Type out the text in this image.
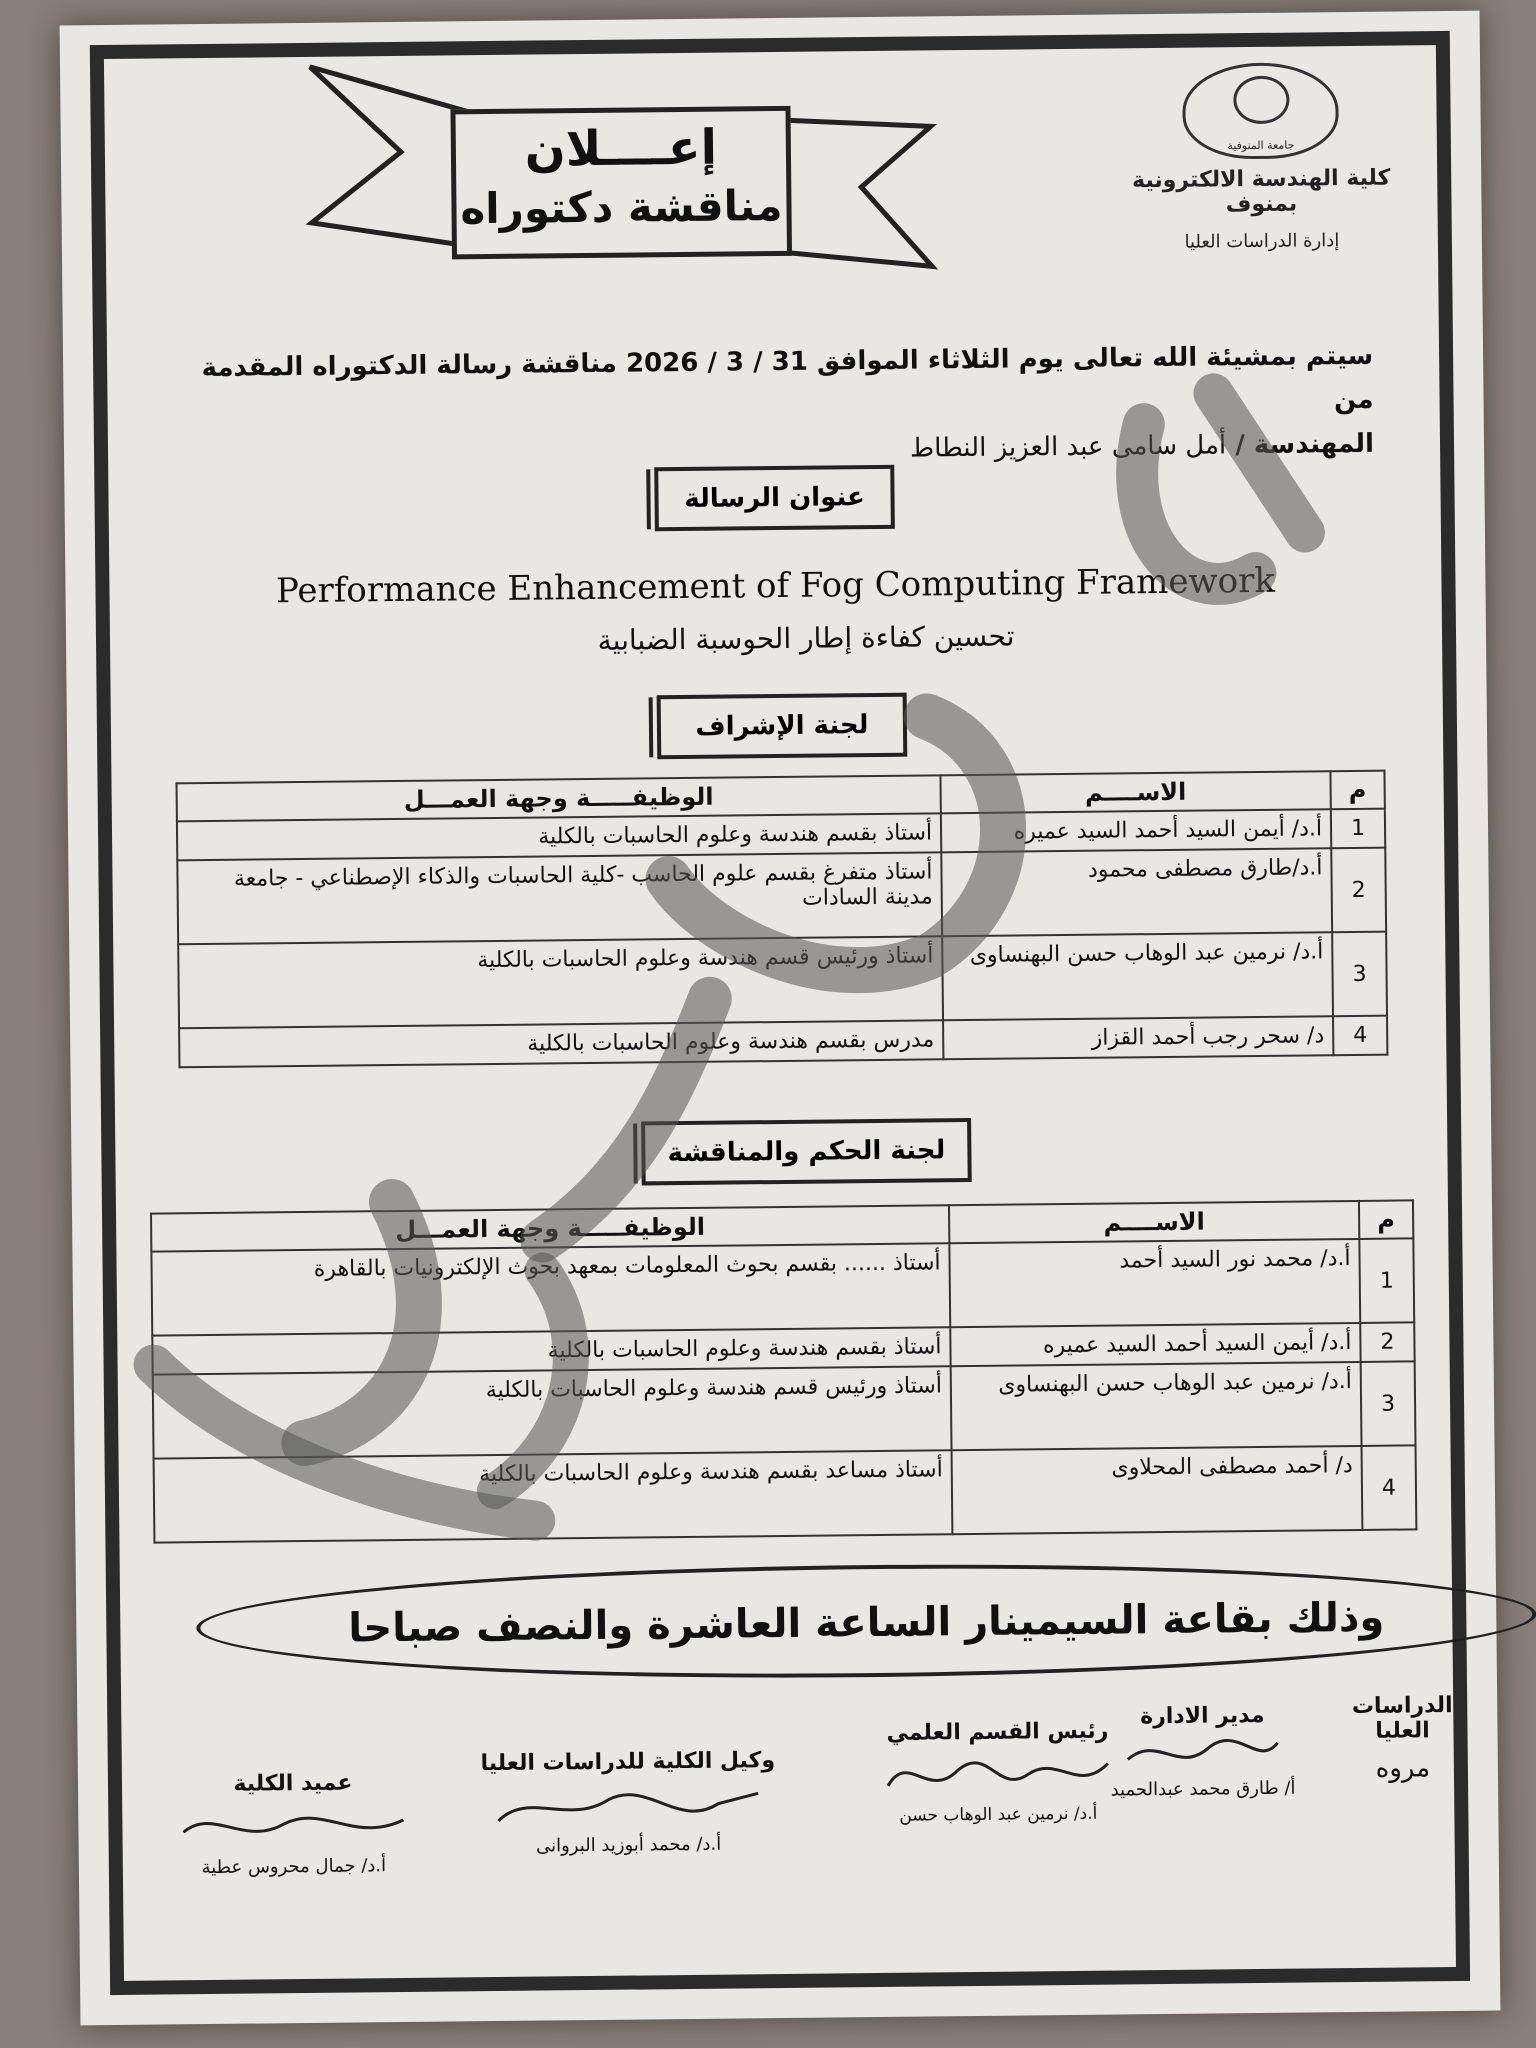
جامعة المنوفية
كلية الهندسة الالكترونية بمنوف
إدارة الدراسات العليا
إعــــلان
مناقشة دكتوراه
سيتم بمشيئة الله تعالى يوم الثلاثاء الموافق 31 / 3 / 2026 مناقشة رسالة الدكتوراه المقدمة من
المهندسة / أمل سامى عبد العزيز النطاط
عنوان الرسالة
Performance Enhancement of Fog Computing Framework
تحسين كفاءة إطار الحوسبة الضبابية
لجنة الإشراف
م	الاســــم	الوظيفـــــة وجهة العمـــل
1	أ.د/ أيمن السيد أحمد السيد عميره	أستاذ بقسم هندسة وعلوم الحاسبات بالكلية
2	أ.د/طارق مصطفى محمود	أستاذ متفرغ بقسم علوم الحاسب -كلية الحاسبات والذكاء الإصطناعي - جامعة مدينة السادات
3	أ.د/ نرمين عبد الوهاب حسن البهنساوى	أستاذ ورئيس قسم هندسة وعلوم الحاسبات بالكلية
4	د/ سحر رجب أحمد القزاز	مدرس بقسم هندسة وعلوم الحاسبات بالكلية
لجنة الحكم والمناقشة
م	الاســــم	الوظيفـــــة وجهة العمـــل
1	أ.د/ محمد نور السيد أحمد	أستاذ ...... بقسم بحوث المعلومات بمعهد بحوث الإلكترونيات بالقاهرة
2	أ.د/ أيمن السيد أحمد السيد عميره	أستاذ بقسم هندسة وعلوم الحاسبات بالكلية
3	أ.د/ نرمين عبد الوهاب حسن البهنساوى	أستاذ ورئيس قسم هندسة وعلوم الحاسبات بالكلية
4	د/ أحمد مصطفى المحلاوى	أستاذ مساعد بقسم هندسة وعلوم الحاسبات بالكلية
وذلك بقاعة السيمينار الساعة العاشرة والنصف صباحا
الدراسات العليا
مروه
مدير الادارة
أ/ طارق محمد عبدالحميد
رئيس القسم العلمي
أ.د/ نرمين عبد الوهاب حسن
وكيل الكلية للدراسات العليا
أ.د/ محمد أبوزيد البروانى
عميد الكلية
أ.د/ جمال محروس عطية
